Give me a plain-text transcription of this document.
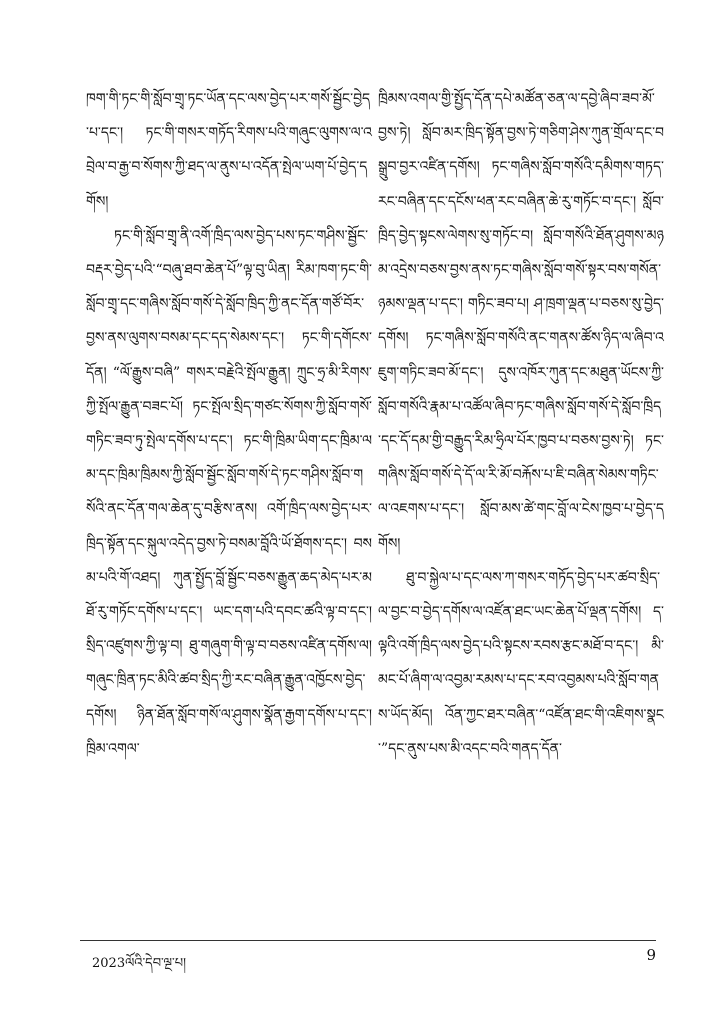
ཁག་གི་ཏང་གི་སློབ་གྲྭ་ཏང་ཡོན་དང་ལས་བྱེད་པར་གསོ་སྦྱོང་བྱེད་པ་དང་། ཏང་གི་གསར་གཏོད་རིགས་པའི་གཞུང་ལུགས་ལ་འབྲེལ་བ་རྒྱ་བ་སོགས་ཀྱི་ཐད་ལ་ནུས་པ་འདོན་སྤེལ་ཡག་པོ་བྱེད་དགོས།

ཏང་གི་སློབ་གྲྭ་ནི་འགོ་ཁྲིད་ལས་བྱེད་པས་ཏང་གཤིས་སྦྱོང་བརྡར་བྱེད་པའི་“བཞུ་ཐབ་ཆེན་པོ”ལྟ་བུ་ཡིན། རིམ་ཁག་ཏང་གི་སློབ་གྲྭ་དང་གཞིས་སློབ་གསོ་དེ་སློབ་ཁྲིད་ཀྱི་ནང་དོན་གཙོ་བོར་བྱས་ནས་ལུགས་བསམ་དང་དད་སེམས་དང་། ཏང་གི་དགོངས་དོན། “ལོ་རྒྱུས་བཞི” གསར་བརྗེའི་སྤོལ་རྒྱུན། ཀྲུང་ཧྲ་མི་རིགས་ཀྱི་སྤོལ་རྒྱུན་བཟང་པོ། ཏང་སྤོལ་སྲིད་གཙང་སོགས་ཀྱི་སློབ་གསོ་གཏིང་ཟབ་ཏུ་སྤེལ་དགོས་པ་དང་། ཏང་གི་ཁྲིམ་ཡིག་དང་ཁྲིམ་ལམ་དང་ཁྲིམ་ཁྲིམས་ཀྱི་སློབ་སྦྱོང་སློབ་གསོ་དེ་ཏང་གཤིས་སློབ་གསོའི་ནང་དོན་གལ་ཆེན་དུ་བརྩིས་ནས། འགོ་ཁྲིད་ལས་བྱེད་པར་ཁྲིད་སྟོན་དང་སྐུལ་འདེད་བྱས་ཏེ་བསམ་བློའི་ཡོ་ཐོགས་དང་། བསམ་པའི་གོ་འཐད། ཀུན་སྤྱོད་བློ་སྦྱོང་བཅས་རྒྱུན་ཆད་མེད་པར་མཐོ་རུ་གཏོང་དགོས་པ་དང་། ཡང་དག་པའི་དབང་ཚའི་ལྟ་བ་དང་། སྲིད་འཛུགས་ཀྱི་ལྟ་བ། ཐུ་གཞུག་གི་ལྟ་བ་བཅས་འཛིན་དགོས་ལ། གཞུང་ཁྲིན་ཏང་མིའི་ཚབ་སྲིད་ཀྱི་རང་བཞིན་རྒྱུན་འཁྱོངས་བྱེད་དགོས། ཉིན་ཐོན་སློབ་གསོ་ལ་ཤུགས་སྣོན་རྒྱག་དགོས་པ་དང་། ཁྲིམ་འགལ་

ཁྲིམས་འགལ་གྱི་སྤྱོད་དོན་དཔེ་མཚོན་ཅན་ལ་དབྱེ་ཞིབ་ཟབ་མོ་བྱས་ཏེ། སློབ་མར་ཁྲིད་སྟོན་བྱས་ཏེ་གཅིག་ཤེས་ཀུན་གྲོལ་དང་བསྒྲུབ་བྱར་འཛིན་དགོས། ཏང་གཞིས་སློབ་གསོའི་དམིགས་གཏད་རང་བཞིན་དང་དངོས་ཕན་རང་བཞིན་ཆེ་རུ་གཏོང་བ་དང་། སློབ་ཁྲིད་བྱེད་སྟངས་ལེགས་སུ་གཏོང་བ། སློབ་གསོའི་ཐོན་ཤུགས་མཉམ་འདྲེས་བཅས་བྱས་ནས་ཏང་གཞིས་སློབ་གསོ་སྟར་བས་གསོན་ཉམས་ལྡན་པ་དང་། གཏིང་ཟབ་པ། ཤ་ཁྲག་ལྡན་པ་བཅས་སུ་བྱེད་དགོས། ཏང་གཞིས་སློབ་གསོའི་ནང་གནས་ཚོས་ཉིད་ལ་ཞིབ་འཇུག་གཏིང་ཟབ་མོ་དང་། དུས་འཁོར་ཀུན་དང་མཐུན་ཡོངས་ཀྱི་སློབ་གསོའི་རྣམ་པ་འཚོལ་ཞིབ་ཏང་གཞིས་སློབ་གསོ་དེ་སློབ་ཁྲིད་དང་དོ་དམ་གྱི་བརྒྱུད་རིམ་ཧྲིལ་པོར་ཁྱབ་པ་བཅས་བྱས་ཏེ། ཏང་གཞིས་སློབ་གསོ་དེ་དོ་ལ་རི་མོ་བརྐོས་པ་ཇི་བཞིན་སེམས་གཏིང་ལ་འཇགས་པ་དང་། སློབ་མས་ཚེ་གང་བློ་ལ་ངེས་ཁྱབ་པ་བྱེད་དགོས།

ཐུ་བ་སྐྱེལ་པ་དང་ལས་ཀ་གསར་གཏོད་བྱེད་པར་ཚབ་སྲིད་ལ་བྱང་བ་བྱེད་དགོས་ལ་འཛོན་ཐང་ཡང་ཆེན་པོ་ལྡན་དགོས། ད་ལྟའི་འགོ་ཁྲིད་ལས་བྱེད་པའི་སྟངས་རབས་རྩང་མཐོ་བ་དང་། མི་མང་པོ་ཞིག་ལ་འབྱམ་རམས་པ་དང་རབ་འབྱམས་པའི་སློབ་གནས་ཡོད་མོད། འོན་ཀྱང་ཐར་བཞིན་“འཛོན་ཐང་གི་འཇིགས་སྣང་”དང་ནུས་པས་མི་འདང་བའི་གནད་དོན་

2023ལོའི་དེབ་ལྔ་པ།	9
